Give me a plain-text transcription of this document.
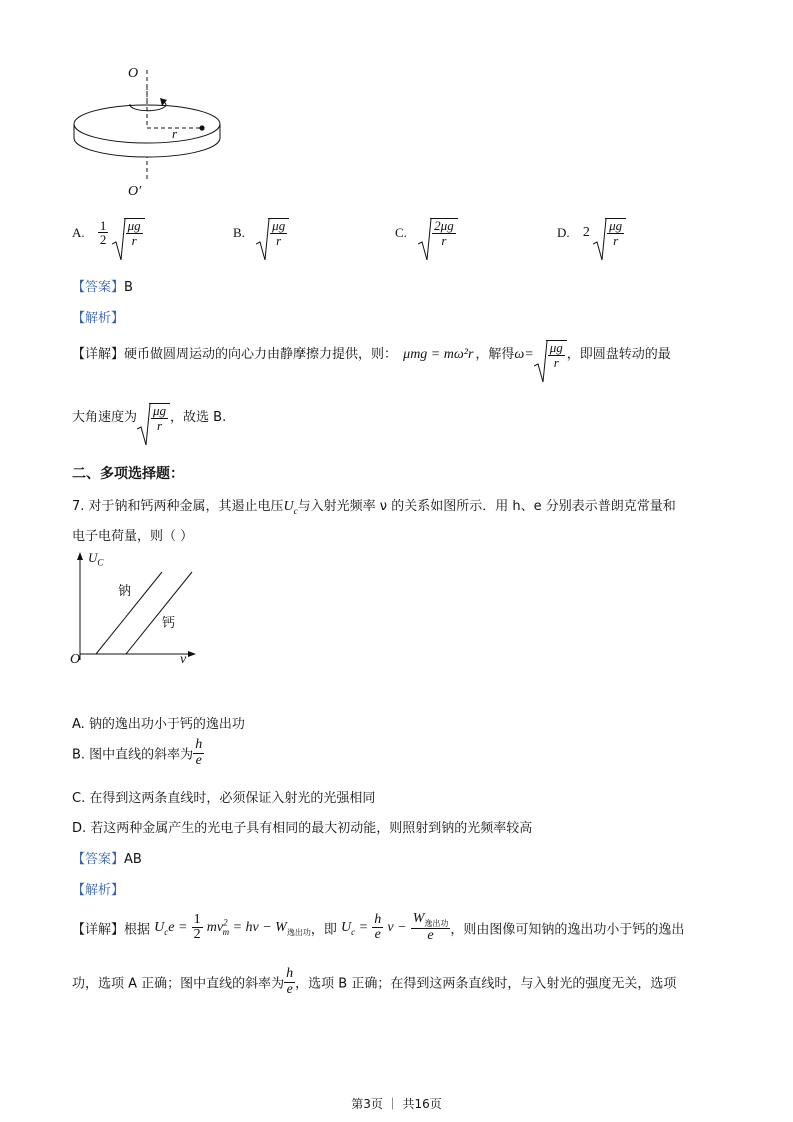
O
r
O′
A. $\frac{1}{2}$
$\frac{\mu g}{r}$	B. $\frac{\mu g}{r}$	C. $\frac{2\mu g}{r}$	D. $2 \frac{\mu g}{r}$
【答案】B
【解析】
【详解】硬币做圆周运动的向心力由静摩擦力提供，则： μmg = mω²r ，解得$\omega= \frac{\mu g}{r}$ ，即圆盘转动的最
大角速度为 $\frac{\mu g}{r}$ ，故选 B.
二、多项选择题：
7. 对于钠和钙两种金属，其遏止电压$U_c$与入射光频率 ν 的关系如图所示．用 h、e 分别表示普朗克常量和
电子电荷量，则（ ）
$U_C$
钠
钙
O	ν
A. 钠的逸出功小于钙的逸出功
B. 图中直线的斜率为 $\frac{h}{e}$
C. 在得到这两条直线时，必须保证入射光的光强相同
D. 若这两种金属产生的光电子具有相同的最大初动能，则照射到钠的光频率较高
【答案】AB
【解析】
【详解】根据 $U_ce = \frac{1}{2} mv^2_m = h\nu - W_{逸出功}$，即 $U_c = \frac{h}{e}$ $\nu - \frac{W_{逸出功}}{e}$ ，则由图像可知钠的逸出功小于钙的逸出
功，选项 A 正确；图中直线的斜率为 $\frac{h}{e}$ ，选项 B 正确；在得到这两条直线时，与入射光的强度无关，选项
第3页 ｜ 共16页
